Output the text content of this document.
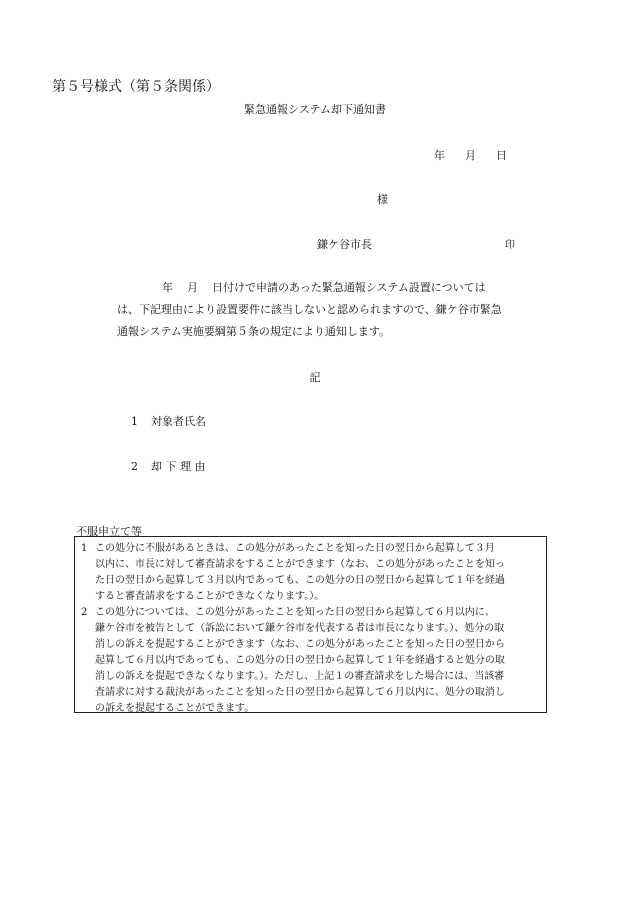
第５号様式（第５条関係）
緊急通報システム却下通知書
年 月 日
様
鎌ケ谷市長	印
年 月 日付けで申請のあった緊急通報システム設置については
は、下記理由により設置要件に該当しないと認められますので、鎌ケ谷市緊急
通報システム実施要綱第５条の規定により通知します。
記
1 対象者氏名
2 却 下 理 由
不服申立て等
1 この処分に不服があるときは、この処分があったことを知った日の翌日から起算して３月
以内に、市長に対して審査請求をすることができます（なお、この処分があったことを知っ
た日の翌日から起算して３月以内であっても、この処分の日の翌日から起算して１年を経過
すると審査請求をすることができなくなります。）。
2 この処分については、この処分があったことを知った日の翌日から起算して６月以内に、
鎌ケ谷市を被告として（訴訟において鎌ケ谷市を代表する者は市長になります。）、処分の取
消しの訴えを提起することができます（なお、この処分があったことを知った日の翌日から
起算して６月以内であっても、この処分の日の翌日から起算して１年を経過すると処分の取
消しの訴えを提起できなくなります。）。ただし、上記１の審査請求をした場合には、当該審
査請求に対する裁決があったことを知った日の翌日から起算して６月以内に、処分の取消し
の訴えを提起することができます。
